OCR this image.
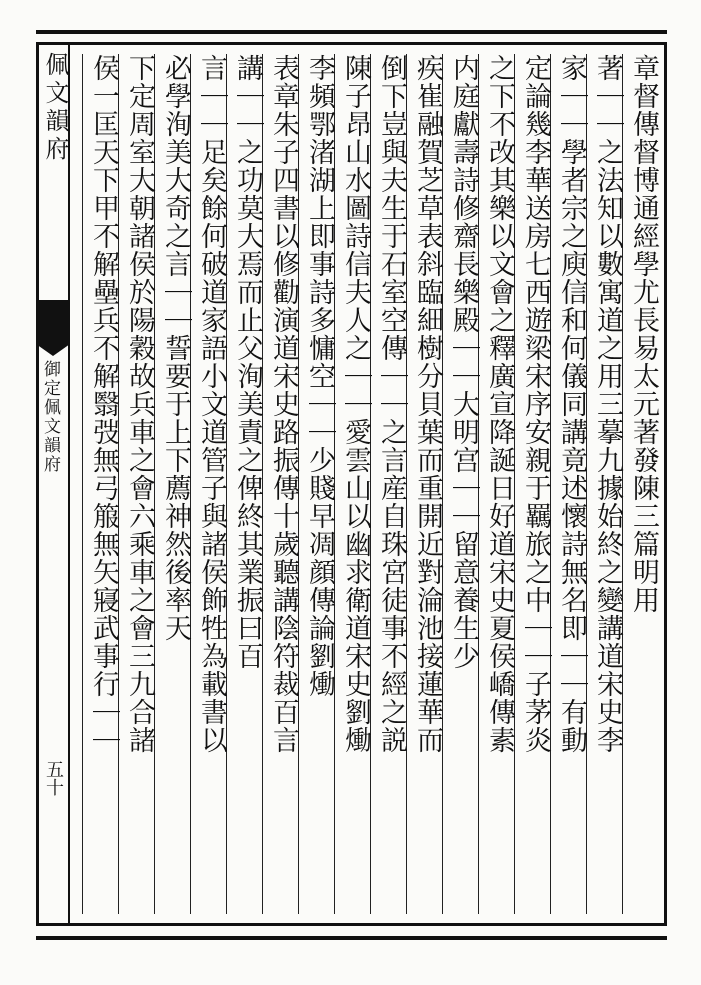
佩文韻府
御定佩文韻府
五十
章督傳督博通經學尤長易太元著發陳三篇明用
著｜｜之法知以數寓道之用三摹九據始終之變講道宋史李
家｜｜學者宗之庾信和何儀同講竟述懷詩無名即｜｜有動
定論幾李華送房七西遊梁宋序安親于羈旅之中｜｜子茅炎
之下不改其樂以文會之釋廣宣降誕日好道宋史夏侯嶠傳素
内庭獻壽詩修齋長樂殿｜｜大明宫｜｜留意養生少
疾崔融賀芝草表斜臨細樹分貝葉而重開近對淪池接蓮華而
倒下豈與夫生于石室空傳｜｜之言産自珠宮徒事不經之説
陳子昂山水圖詩信夫人之｜｜愛雲山以幽求衛道宋史劉㷲
李頻鄂渚湖上即事詩多慵空｜｜少賤早凋顔傳論劉㷲
表章朱子四書以修勸演道宋史路振傳十歲聽講陰符裁百言
講｜｜之功莫大焉而止父洵美責之俾終其業振曰百
言｜｜足矣餘何破道家語小文道管子與諸侯飾牲為載書以
必學洵美大奇之言｜｜誓要于上下薦神然後率天
下定周室大朝諸侯於陽穀故兵車之會六乘車之會三九合諸
侯一匡天下甲不解壘兵不解翳弢無弓箙無矢寢武事行｜｜
